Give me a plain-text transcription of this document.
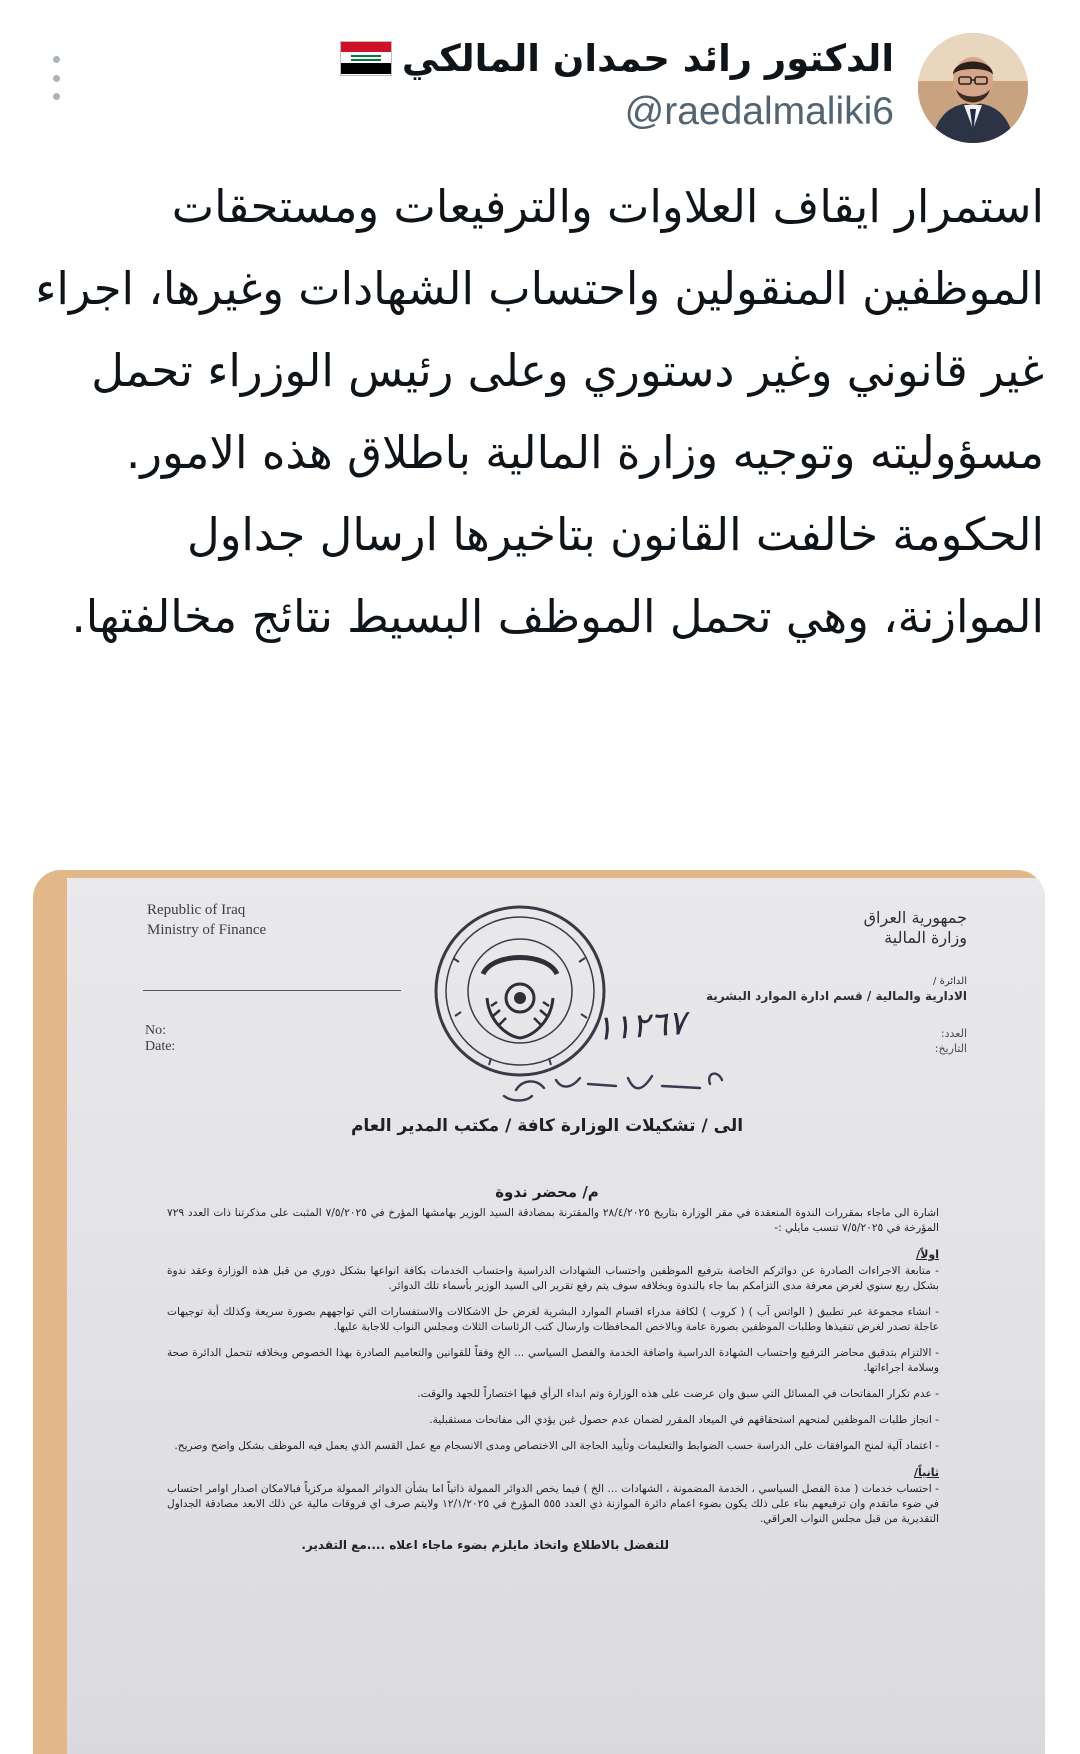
الدكتور رائد حمدان المالكي
@raedalmaliki6

استمرار ايقاف العلاوات والترفيعات ومستحقات الموظفين المنقولين واحتساب الشهادات وغيرها، اجراء غير قانوني وغير دستوري وعلى رئيس الوزراء تحمل مسؤوليته وتوجيه وزارة المالية باطلاق هذه الامور.

الحكومة خالفت القانون بتاخيرها ارسال جداول الموازنة، وهي تحمل الموظف البسيط نتائج مخالفتها.

Republic of Iraq
Ministry of Finance
No:
Date:
جمهورية العراق
وزارة المالية
الدائرة /
الادارية والمالية / قسم ادارة الموارد البشرية
العدد:
التاريخ:
١١٢٦٧
الى / تشكيلات الوزارة كافة / مكتب المدير العام
م/ محضر ندوة

اشارة الى ماجاء بمقررات الندوة المنعقدة في مقر الوزارة بتاريخ ٢٨/٤/٢٠٢٥ والمقترنة بمصادقة السيد الوزير بهامشها المؤرخ في ٧/٥/٢٠٢٥ المثبت على مذكرتنا ذات العدد ٧٢٩ المؤرخة في ٧/٥/٢٠٢٥ تنسب مايلي :-

اولاً/

- متابعة الاجراءات الصادرة عن دوائركم الخاصة بترفيع الموظفين واحتساب الشهادات الدراسية واحتساب الخدمات بكافة انواعها بشكل دوري من قبل هذه الوزارة وعقد ندوة بشكل ربع سنوي لغرض معرفة مدى التزامكم بما جاء بالندوة وبخلافه سوف يتم رفع تقرير الى السيد الوزير بأسماء تلك الدوائر.

- انشاء مجموعة عبر تطبيق ( الواتس آب ) ( كروب ) لكافة مدراء اقسام الموارد البشرية لغرض حل الاشكالات والاستفسارات التي تواجههم بصورة سريعة وكذلك أية توجيهات عاجلة تصدر لغرض تنفيذها وطلبات الموظفين بصورة عامة وبالاخص المحافظات وارسال كتب الرئاسات الثلاث ومجلس النواب للاجابة عليها.

- الالتزام بتدقيق محاضر الترفيع واحتساب الشهادة الدراسية واضافة الخدمة والفصل السياسي ... الخ وفقاً للقوانين والتعاميم الصادرة بهذا الخصوص وبخلافه تتحمل الدائرة صحة وسلامة اجراءاتها.

- عدم تكرار المفاتحات في المسائل التي سبق وان عرضت على هذه الوزارة وتم ابداء الرأي فيها اختصاراً للجهد والوقت.

- انجاز طلبات الموظفين لمنحهم استحقاقهم في الميعاد المقرر لضمان عدم حصول غبن يؤدي الى مفاتحات مستقبلية.

- اعتماد آلية لمنح الموافقات على الدراسة حسب الضوابط والتعليمات وتأييد الحاجة الى الاختصاص ومدى الانسجام مع عمل القسم الذي يعمل فيه الموظف بشكل واضح وصريح.

ثانياً/

- احتساب خدمات ( مدة الفصل السياسي ، الخدمة المضمونة ، الشهادات ... الخ ) فيما يخص الدوائر الممولة ذاتياً اما بشأن الدوائر الممولة مركزياً فبالامكان اصدار اوامر احتساب في ضوء ماتقدم وان ترفيعهم بناء على ذلك يكون بضوء اعمام دائرة الموازنة ذي العدد ٥٥٥ المؤرخ في ١٢/١/٢٠٢٥ ولايتم صرف اي فروقات مالية عن ذلك الابعد مصادقة الجداول التقديرية من قبل مجلس النواب العراقي.

للتفضل بالاطلاع واتخاذ مايلزم بضوء ماجاء اعلاه ....مع التقدير.
